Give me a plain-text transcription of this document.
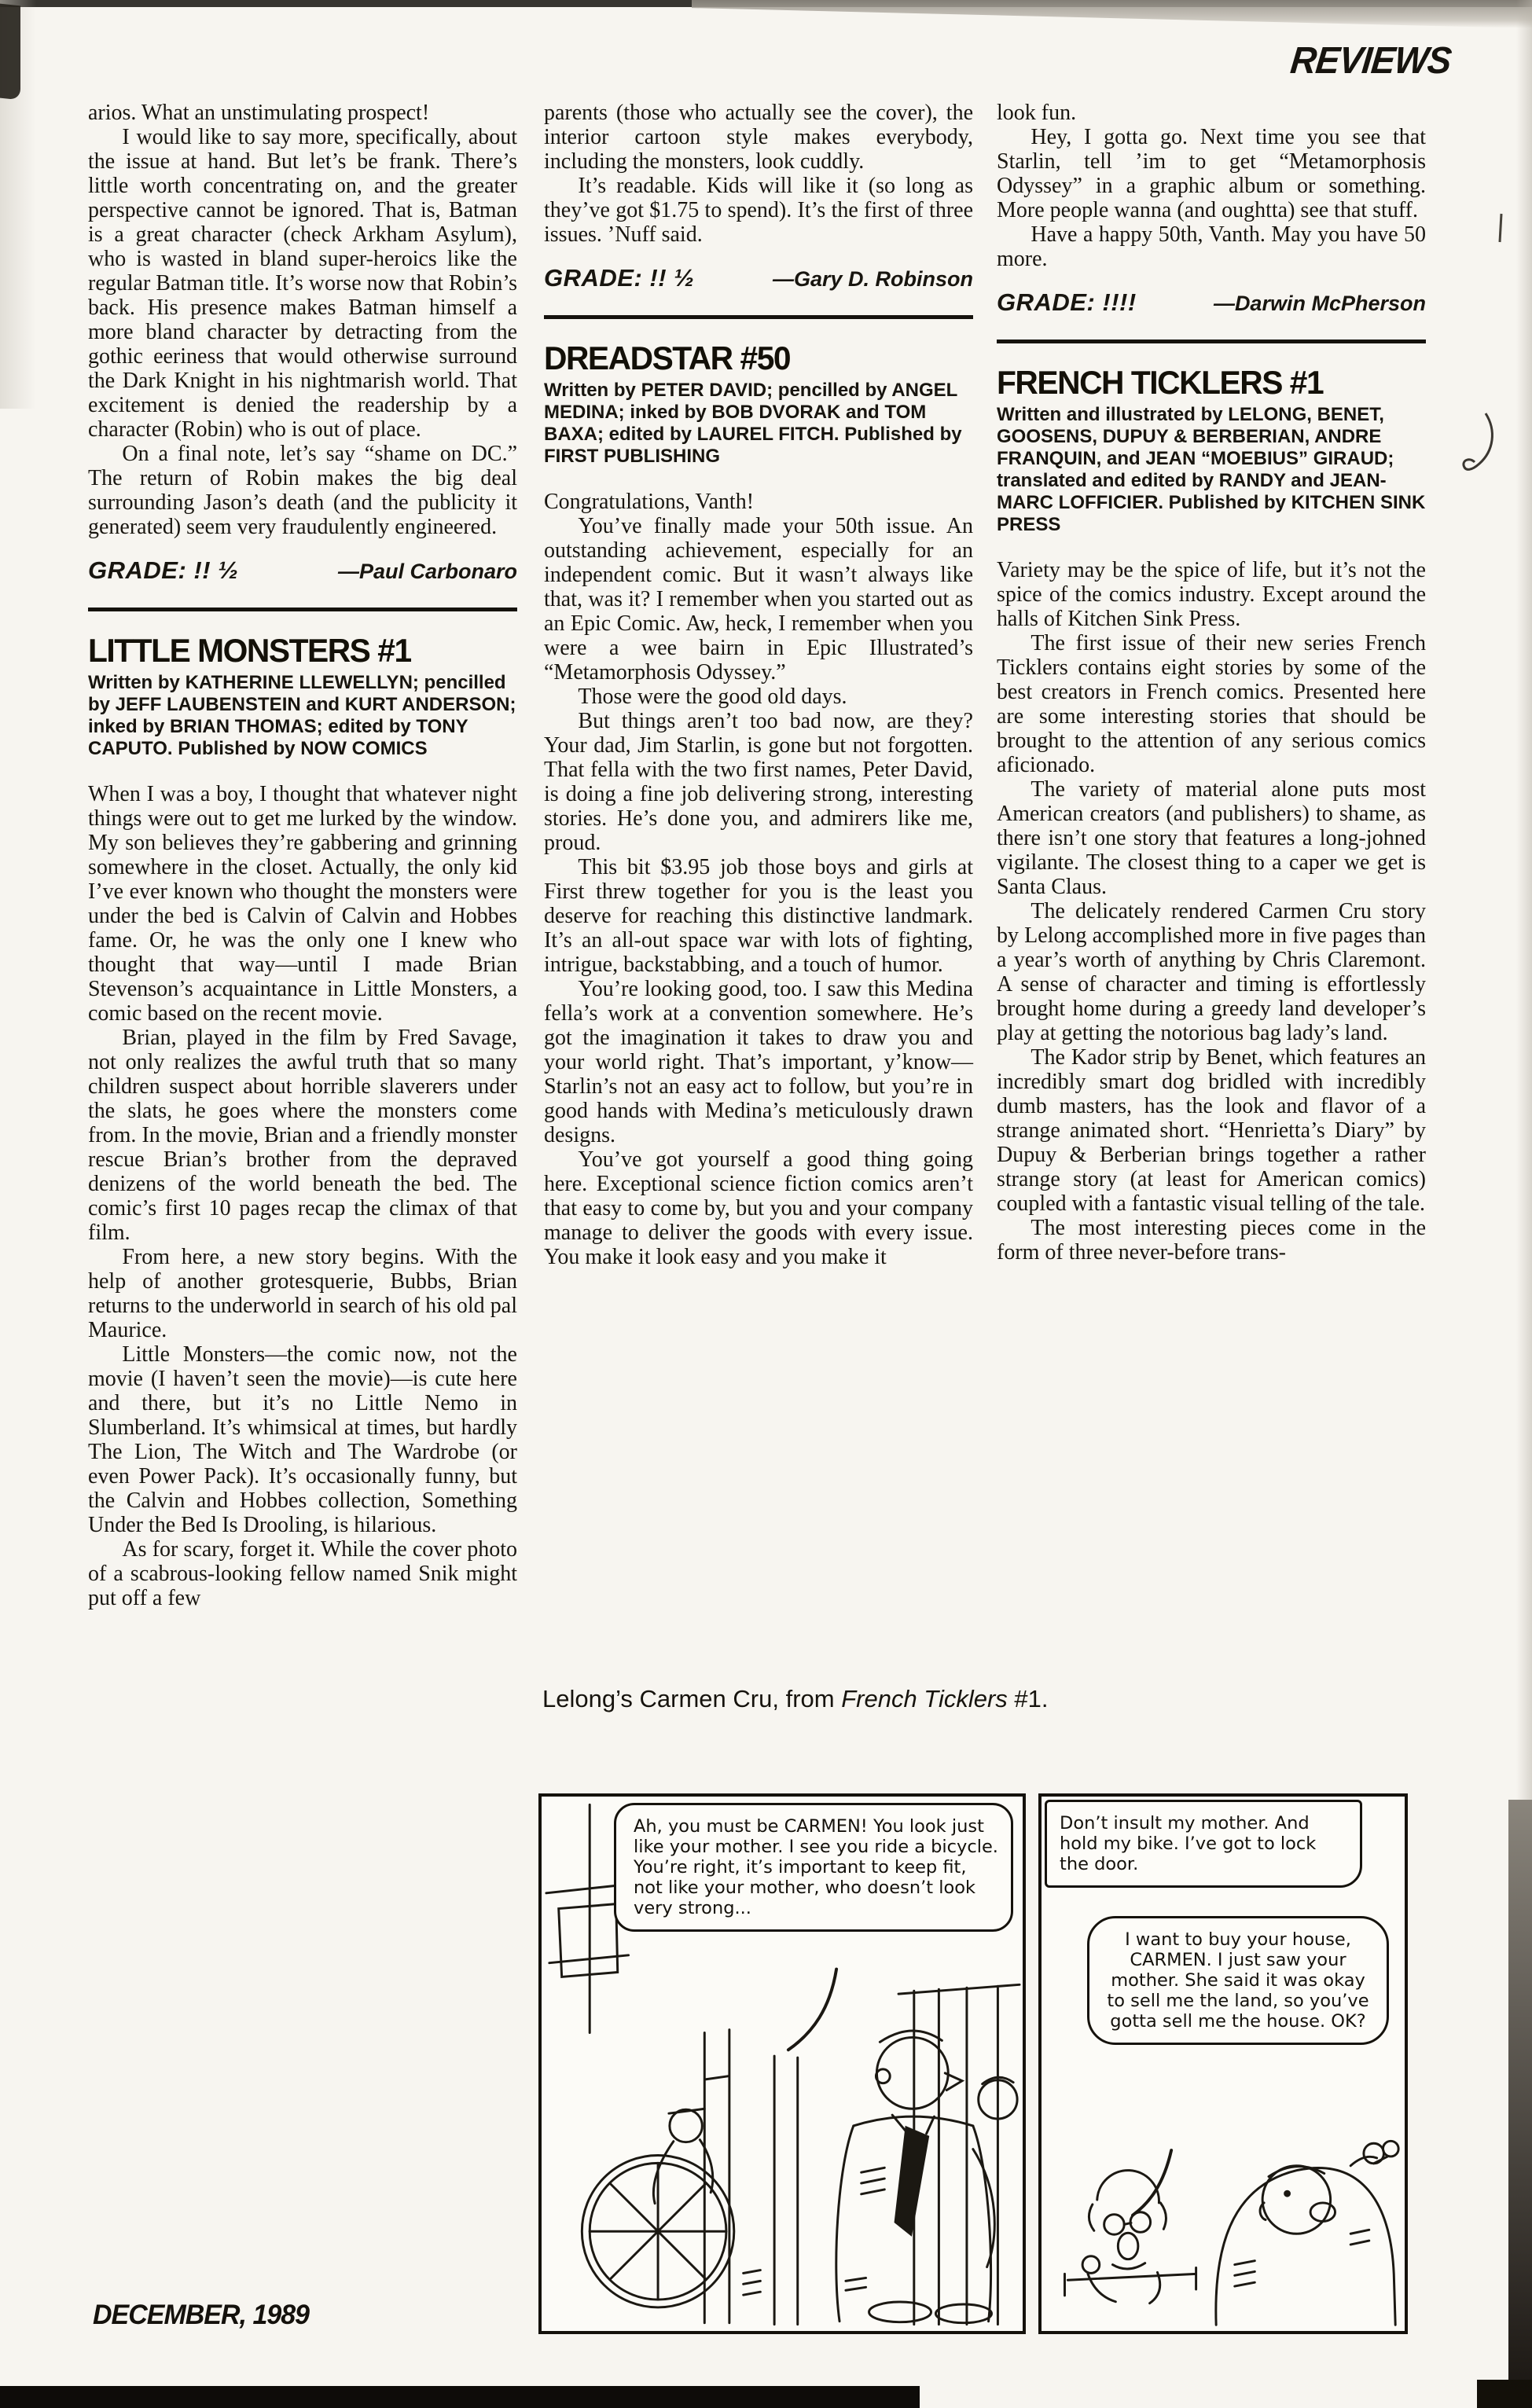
REVIEWS
DECEMBER, 1989

arios. What an unstimulating prospect!

I would like to say more, specifically, about the issue at hand. But let’s be frank. There’s little worth concentrating on, and the greater perspective cannot be ignored. That is, Batman is a great character (check Arkham Asylum), who is wasted in bland super-heroics like the regular Batman title. It’s worse now that Robin’s back. His presence makes Batman himself a more bland character by detracting from the gothic eeriness that would otherwise surround the Dark Knight in his nightmarish world. That excitement is denied the readership by a character (Robin) who is out of place.

On a final note, let’s say “shame on DC.” The return of Robin makes the big deal surrounding Jason’s death (and the publicity it generated) seem very fraudulently engineered.

GRADE: !! ½	—Paul Carbonaro
LITTLE MONSTERS #1

Written by KATHERINE LLEWELLYN; pencilled by JEFF LAUBENSTEIN and KURT ANDERSON; inked by BRIAN THOMAS; edited by TONY CAPUTO. Published by NOW COMICS

When I was a boy, I thought that whatever night things were out to get me lurked by the window. My son believes they’re gabbering and grinning somewhere in the closet. Actually, the only kid I’ve ever known who thought the monsters were under the bed is Calvin of Calvin and Hobbes fame. Or, he was the only one I knew who thought that way—until I made Brian Stevenson’s acquaintance in Little Monsters, a comic based on the recent movie.

Brian, played in the film by Fred Savage, not only realizes the awful truth that so many children suspect about horrible slaverers under the slats, he goes where the monsters come from. In the movie, Brian and a friendly monster rescue Brian’s brother from the depraved denizens of the world beneath the bed. The comic’s first 10 pages recap the climax of that film.

From here, a new story begins. With the help of another grotesquerie, Bubbs, Brian returns to the underworld in search of his old pal Maurice.

Little Monsters—the comic now, not the movie (I haven’t seen the movie)—is cute here and there, but it’s no Little Nemo in Slumberland. It’s whimsical at times, but hardly The Lion, The Witch and The Wardrobe (or even Power Pack). It’s occasionally funny, but the Calvin and Hobbes collection, Something Under the Bed Is Drooling, is hilarious.

As for scary, forget it. While the cover photo of a scabrous-looking fellow named Snik might put off a few

parents (those who actually see the cover), the interior cartoon style makes everybody, including the monsters, look cuddly.

It’s readable. Kids will like it (so long as they’ve got $1.75 to spend). It’s the first of three issues. ’Nuff said.

GRADE: !! ½	—Gary D. Robinson
DREADSTAR #50

Written by PETER DAVID; pencilled by ANGEL MEDINA; inked by BOB DVORAK and TOM BAXA; edited by LAUREL FITCH. Published by FIRST PUBLISHING

Congratulations, Vanth!

You’ve finally made your 50th issue. An outstanding achievement, especially for an independent comic. But it wasn’t always like that, was it? I remember when you started out as an Epic Comic. Aw, heck, I remember when you were a wee bairn in Epic Illustrated’s “Metamorphosis Odyssey.”

Those were the good old days.

But things aren’t too bad now, are they? Your dad, Jim Starlin, is gone but not forgotten. That fella with the two first names, Peter David, is doing a fine job delivering strong, interesting stories. He’s done you, and admirers like me, proud.

This bit $3.95 job those boys and girls at First threw together for you is the least you deserve for reaching this distinctive landmark. It’s an all-out space war with lots of fighting, intrigue, backstabbing, and a touch of humor.

You’re looking good, too. I saw this Medina fella’s work at a convention somewhere. He’s got the imagination it takes to draw you and your world right. That’s important, y’know—Starlin’s not an easy act to follow, but you’re in good hands with Medina’s meticulously drawn designs.

You’ve got yourself a good thing going here. Exceptional science fiction comics aren’t that easy to come by, but you and your company manage to deliver the goods with every issue. You make it look easy and you make it

look fun.

Hey, I gotta go. Next time you see that Starlin, tell ’im to get “Metamorphosis Odyssey” in a graphic album or something. More people wanna (and oughtta) see that stuff.

Have a happy 50th, Vanth. May you have 50 more.

GRADE: !!!!	—Darwin McPherson
FRENCH TICKLERS #1

Written and illustrated by LELONG, BENET, GOOSENS, DUPUY & BERBERIAN, ANDRE FRANQUIN, and JEAN “MOEBIUS” GIRAUD; translated and edited by RANDY and JEAN-MARC LOFFICIER. Published by KITCHEN SINK PRESS

Variety may be the spice of life, but it’s not the spice of the comics industry. Except around the halls of Kitchen Sink Press.

The first issue of their new series French Ticklers contains eight stories by some of the best creators in French comics. Presented here are some interesting stories that should be brought to the attention of any serious comics aficionado.

The variety of material alone puts most American creators (and publishers) to shame, as there isn’t one story that features a long-johned vigilante. The closest thing to a caper we get is Santa Claus.

The delicately rendered Carmen Cru story by Lelong accomplished more in five pages than a year’s worth of anything by Chris Claremont. A sense of character and timing is effortlessly brought home during a greedy land developer’s play at getting the notorious bag lady’s land.

The Kador strip by Benet, which features an incredibly smart dog bridled with incredibly dumb masters, has the look and flavor of a strange animated short. “Henrietta’s Diary” by Dupuy & Berberian brings together a rather strange story (at least for American comics) coupled with a fantastic visual telling of the tale.

The most interesting pieces come in the form of three never-before trans-

Lelong’s Carmen Cru, from French Ticklers #1.
Ah, you must be CARMEN! You look just like your mother. I see you ride a bicycle. You’re right, it’s important to keep fit, not like your mother, who doesn’t look very strong...
Don’t insult my mother. And hold my bike. I’ve got to lock the door.
I want to buy your house, CARMEN. I just saw your mother. She said it was okay to sell me the land, so you’ve gotta sell me the house. OK?
